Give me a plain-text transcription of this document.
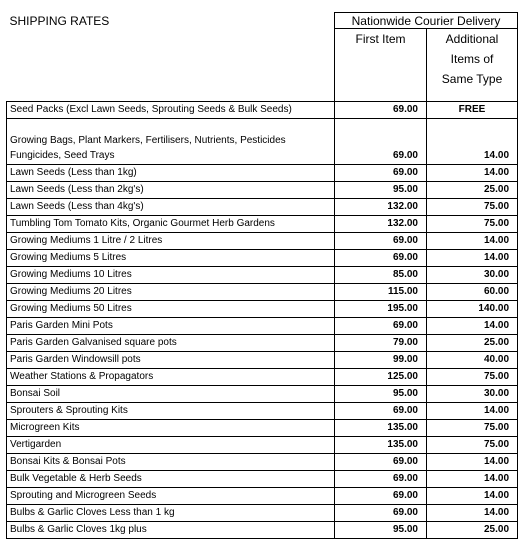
SHIPPING RATES	Nationwide Courier Delivery	
	First Item	Additional
Items of
Same Type
Seed Packs (Excl Lawn Seeds, Sprouting Seeds & Bulk Seeds)	69.00	FREE
Growing Bags, Plant Markers, Fertilisers, Nutrients, Pesticides Fungicides, Seed Trays	69.00	14.00
Lawn Seeds (Less than 1kg)	69.00	14.00
Lawn Seeds (Less than 2kg's)	95.00	25.00
Lawn Seeds (Less than 4kg's)	132.00	75.00
Tumbling Tom Tomato Kits, Organic Gourmet Herb Gardens	132.00	75.00
Growing Mediums 1 Litre / 2 Litres	69.00	14.00
Growing Mediums 5 Litres	69.00	14.00
Growing Mediums 10 Litres	85.00	30.00
Growing Mediums 20 Litres	115.00	60.00
Growing Mediums 50 Litres	195.00	140.00
Paris Garden Mini Pots	69.00	14.00
Paris Garden Galvanised square pots	79.00	25.00
Paris Garden Windowsill pots	99.00	40.00
Weather Stations & Propagators	125.00	75.00
Bonsai Soil	95.00	30.00
Sprouters & Sprouting Kits	69.00	14.00
Microgreen Kits	135.00	75.00
Vertigarden	135.00	75.00
Bonsai Kits & Bonsai Pots	69.00	14.00
Bulk Vegetable & Herb Seeds	69.00	14.00
Sprouting and Microgreen Seeds	69.00	14.00
Bulbs & Garlic Cloves Less than 1 kg	69.00	14.00
Bulbs & Garlic Cloves 1kg plus	95.00	25.00
